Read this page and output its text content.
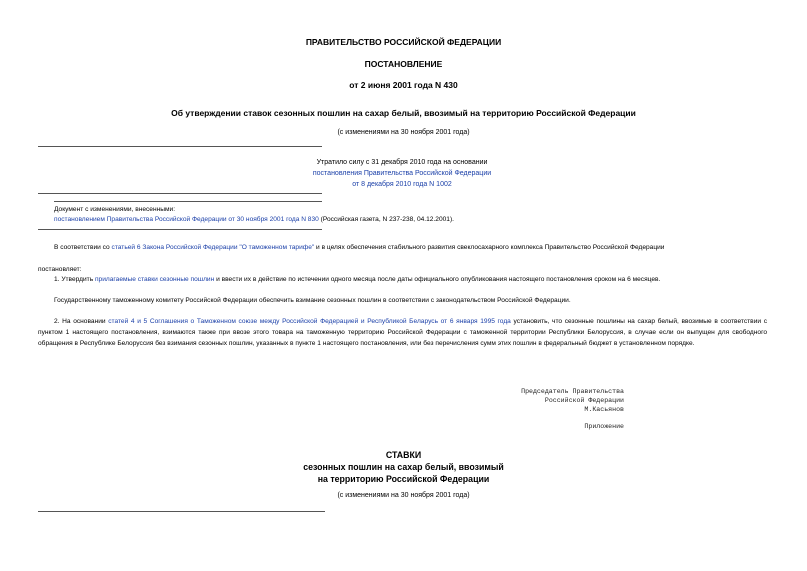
ПРАВИТЕЛЬСТВО РОССИЙСКОЙ ФЕДЕРАЦИИ
ПОСТАНОВЛЕНИЕ
от 2 июня 2001 года N 430
Об утверждении ставок сезонных пошлин на сахар белый, ввозимый на территорию Российской Федерации
(с изменениями на 30 ноября 2001 года)
Утратило силу с 31 декабря 2010 года на основании
постановления Правительства Российской Федерации
от 8 декабря 2010 года N 1002
Документ с изменениями, внесенными:
постановлением Правительства Российской Федерации от 30 ноября 2001 года N 830 (Российская газета, N 237-238, 04.12.2001).
В соответствии со статьей 6 Закона Российской Федерации "О таможенном тарифе" и в целях обеспечения стабильного развития свеклосахарного комплекса Правительство Российской Федерации
постановляет:
1. Утвердить прилагаемые ставки сезонные пошлин и ввести их в действие по истечении одного месяца после даты официального опубликования настоящего постановления сроком на 6 месяцев.
Государственному таможенному комитету Российской Федерации обеспечить взимание сезонных пошлин в соответствии с законодательством Российской Федерации.
2. На основании статей 4 и 5 Соглашения о Таможенном союзе между Российской Федерацией и Республикой Беларусь от 6 января 1995 года установить, что сезонные пошлины на сахар белый, ввозимые в соответствии с пунктом 1 настоящего постановления, взимаются также при ввозе этого товара на таможенную территорию Российской Федерации с таможенной территории Республики Белоруссия, в случае если он выпущен для свободного обращения в Республике Белоруссия без взимания сезонных пошлин, указанных в пункте 1 настоящего постановления, или без перечисления сумм этих пошлин в федеральный бюджет в установленном порядке.
Председатель Правительства
Российской Федерации
М.Касьянов
Приложение
СТАВКИ
сезонных пошлин на сахар белый, ввозимый
на территорию Российской Федерации
(с изменениями на 30 ноября 2001 года)
